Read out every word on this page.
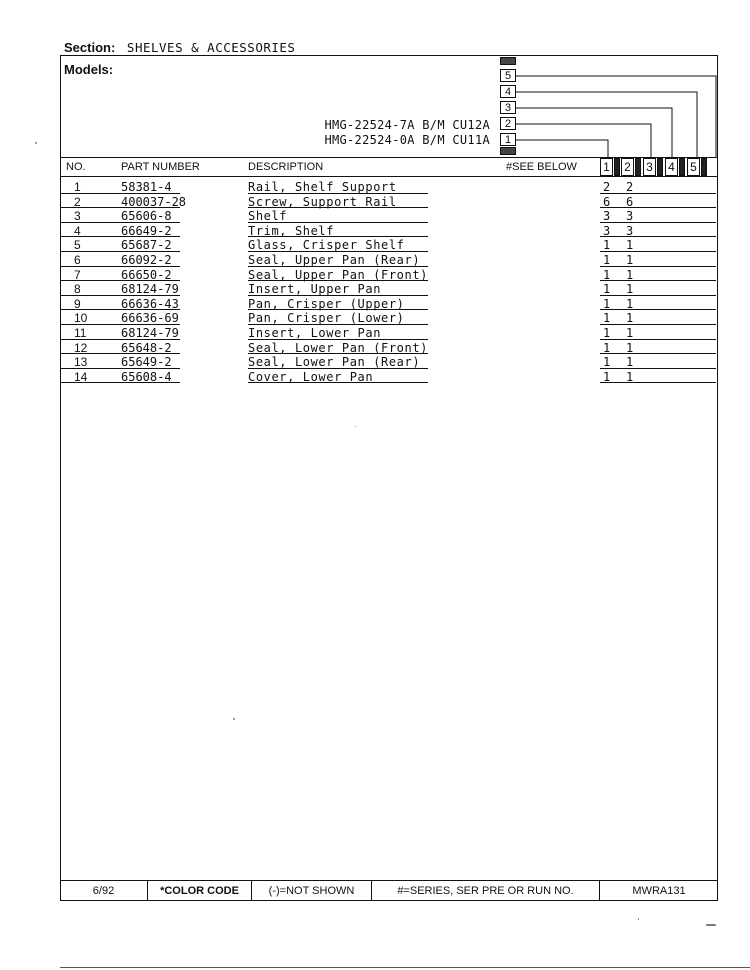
Section: SHELVES & ACCESSORIES
Models:
HMG-22524-7A B/M CU12A
HMG-22524-0A B/M CU11A
5
4
3
2
1
NO.	PART NUMBER	DESCRIPTION	#SEE BELOW 1 2 3 4 5
1	58381-4	Rail, Shelf Support	2 2
2	400037-28	Screw, Support Rail	6 6
3	65606-8	Shelf	3 3
4	66649-2	Trim, Shelf	3 3
5	65687-2	Glass, Crisper Shelf	1 1
6	66092-2	Seal, Upper Pan (Rear)	1 1
7	66650-2	Seal, Upper Pan (Front)	1 1
8	68124-79	Insert, Upper Pan	1 1
9	66636-43	Pan, Crisper (Upper)	1 1
10	66636-69	Pan, Crisper (Lower)	1 1
11	68124-79	Insert, Lower Pan	1 1
12	65648-2	Seal, Lower Pan (Front)	1 1
13	65649-2	Seal, Lower Pan (Rear)	1 1
14	65608-4	Cover, Lower Pan	1 1
6/92	*COLOR CODE	(-)=NOT SHOWN	#=SERIES, SER PRE OR RUN NO.	MWRA131
